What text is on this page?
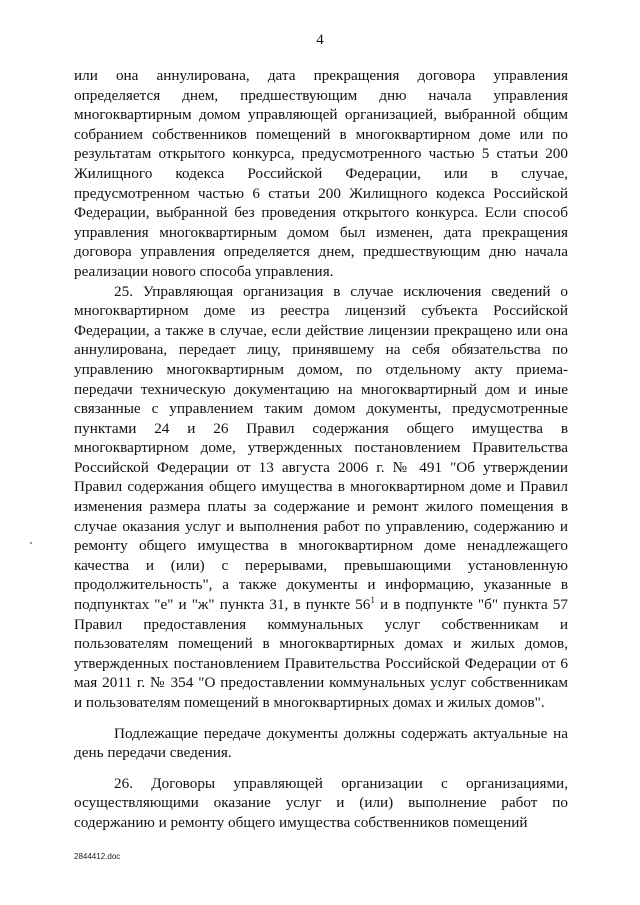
4

или она аннулирована, дата прекращения договора управления определяется днем, предшествующим дню начала управления многоквартирным домом управляющей организацией, выбранной общим собранием собственников помещений в многоквартирном доме или по результатам открытого конкурса, предусмотренного частью 5 статьи 200 Жилищного кодекса Российской Федерации, или в случае, предусмотренном частью 6 статьи 200 Жилищного кодекса Российской Федерации, выбранной без проведения открытого конкурса. Если способ управления многоквартирным домом был изменен, дата прекращения договора управления определяется днем, предшествующим дню начала реализации нового способа управления.

25. Управляющая организация в случае исключения сведений о многоквартирном доме из реестра лицензий субъекта Российской Федерации, а также в случае, если действие лицензии прекращено или она аннулирована, передает лицу, принявшему на себя обязательства по управлению многоквартирным домом, по отдельному акту приема-передачи техническую документацию на многоквартирный дом и иные связанные с управлением таким домом документы, предусмотренные пунктами 24 и 26 Правил содержания общего имущества в многоквартирном доме, утвержденных постановлением Правительства Российской Федерации от 13 августа 2006 г. № 491 "Об утверждении Правил содержания общего имущества в многоквартирном доме и Правил изменения размера платы за содержание и ремонт жилого помещения в случае оказания услуг и выполнения работ по управлению, содержанию и ремонту общего имущества в многоквартирном доме ненадлежащего качества и (или) с перерывами, превышающими установленную продолжительность", а также документы и информацию, указанные в подпунктах "е" и "ж" пункта 31, в пункте $56^1$ и в подпункте "б" пункта 57 Правил предоставления коммунальных услуг собственникам и пользователям помещений в многоквартирных домах и жилых домов, утвержденных постановлением Правительства Российской Федерации от 6 мая 2011 г. № 354 "О предоставлении коммунальных услуг собственникам и пользователям помещений в многоквартирных домах и жилых домов".

Подлежащие передаче документы должны содержать актуальные на день передачи сведения.

26. Договоры управляющей организации с организациями, осуществляющими оказание услуг и (или) выполнение работ по содержанию и ремонту общего имущества собственников помещений

2844412.doc
